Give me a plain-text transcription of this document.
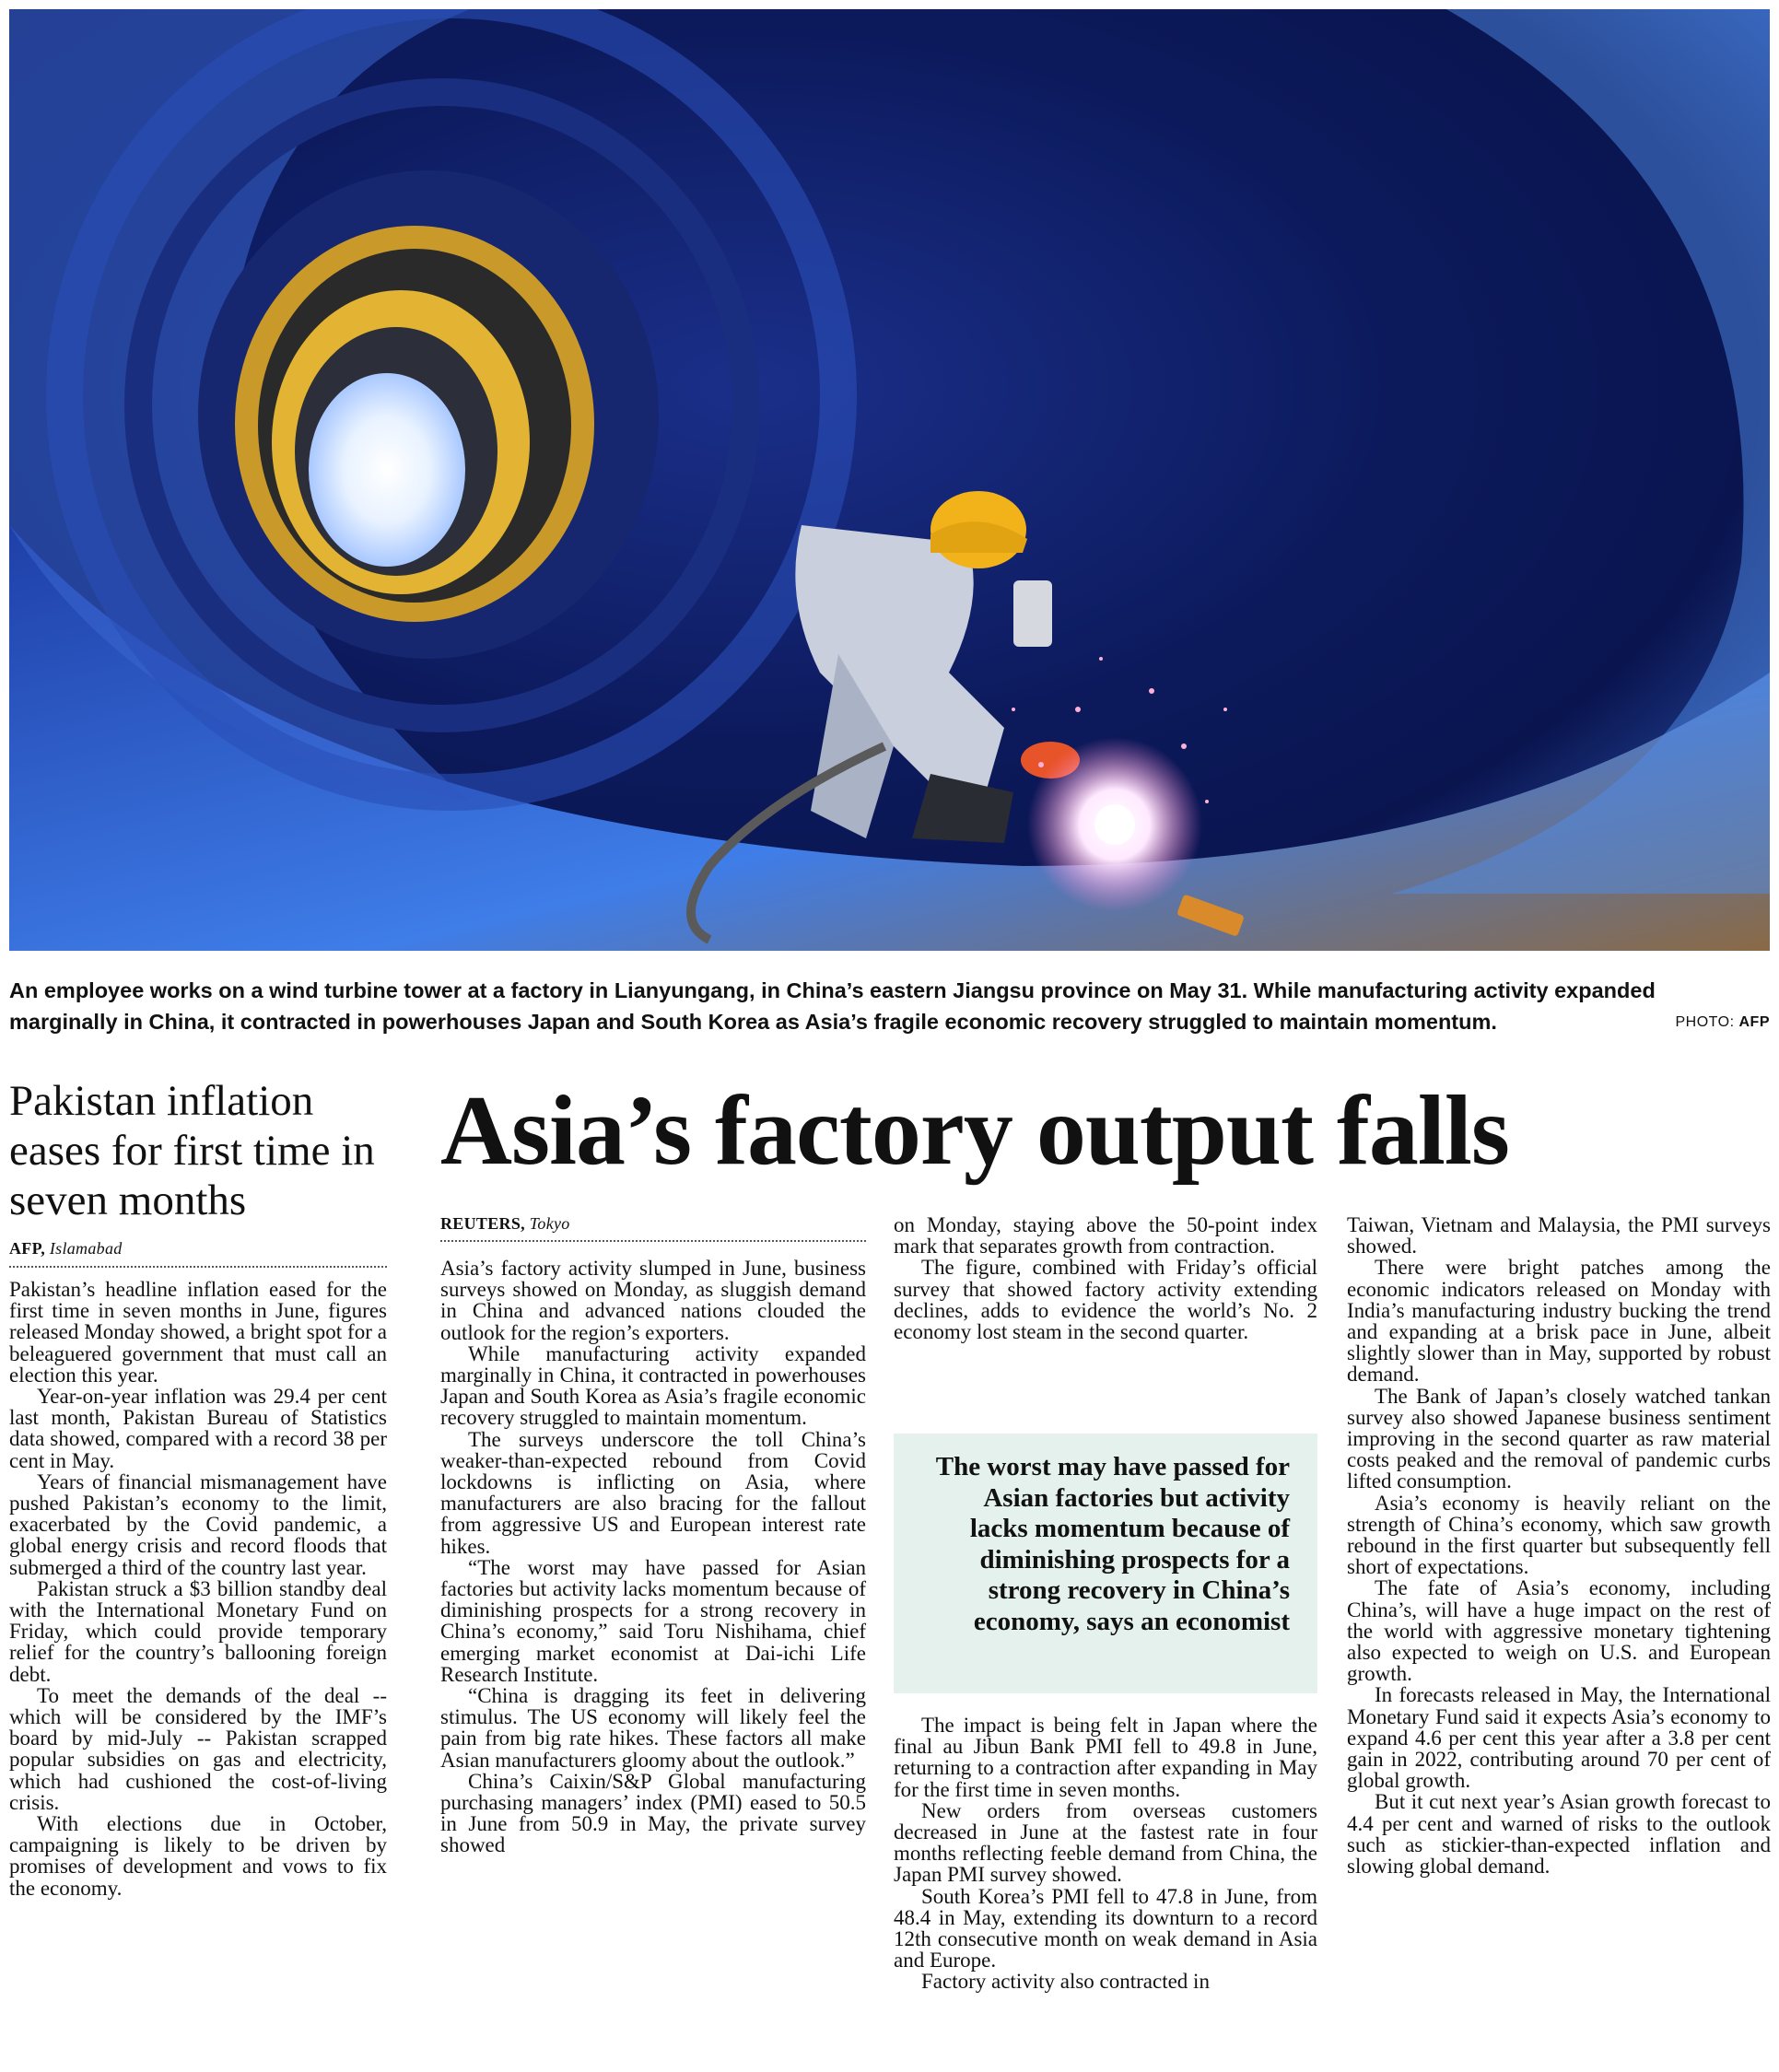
An employee works on a wind turbine tower at a factory in Lianyungang, in China’s eastern Jiangsu province on May 31. While manufacturing activity expanded marginally in China, it contracted in powerhouses Japan and South Korea as Asia’s fragile economic recovery struggled to maintain momentum.	PHOTO: AFP
Pakistan inflation eases for first time in seven months
AFP, Islamabad

Pakistan’s headline inflation eased for the first time in seven months in June, figures released Monday showed, a bright spot for a beleaguered government that must call an election this year.

Year-on-year inflation was 29.4 per cent last month, Pakistan Bureau of Statistics data showed, compared with a record 38 per cent in May.

Years of financial mismanagement have pushed Pakistan’s economy to the limit, exacerbated by the Covid pandemic, a global energy crisis and record floods that submerged a third of the country last year.

Pakistan struck a $3 billion standby deal with the International Monetary Fund on Friday, which could provide temporary relief for the country’s ballooning foreign debt.

To meet the demands of the deal -- which will be considered by the IMF’s board by mid-July -- Pakistan scrapped popular subsidies on gas and electricity, which had cushioned the cost-of-living crisis.

With elections due in October, campaigning is likely to be driven by promises of development and vows to fix the economy.

Asia’s factory output falls
REUTERS, Tokyo

Asia’s factory activity slumped in June, business surveys showed on Monday, as sluggish demand in China and advanced nations clouded the outlook for the region’s exporters.

While manufacturing activity expanded marginally in China, it contracted in powerhouses Japan and South Korea as Asia’s fragile economic recovery struggled to maintain momentum.

The surveys underscore the toll China’s weaker-than-expected rebound from Covid lockdowns is inflicting on Asia, where manufacturers are also bracing for the fallout from aggressive US and European interest rate hikes.

“The worst may have passed for Asian factories but activity lacks momentum because of diminishing prospects for a strong recovery in China’s economy,” said Toru Nishihama, chief emerging market economist at Dai-ichi Life Research Institute.

“China is dragging its feet in delivering stimulus. The US economy will likely feel the pain from big rate hikes. These factors all make Asian manufacturers gloomy about the outlook.”

China’s Caixin/S&P Global manufacturing purchasing managers’ index (PMI) eased to 50.5 in June from 50.9 in May, the private survey showed

on Monday, staying above the 50-point index mark that separates growth from contraction.

The figure, combined with Friday’s official survey that showed factory activity extending declines, adds to evidence the world’s No. 2 economy lost steam in the second quarter.

The worst may have passed for Asian factories but activity lacks momentum because of diminishing prospects for a strong recovery in China’s economy, says an economist

The impact is being felt in Japan where the final au Jibun Bank PMI fell to 49.8 in June, returning to a contraction after expanding in May for the first time in seven months.

New orders from overseas customers decreased in June at the fastest rate in four months reflecting feeble demand from China, the Japan PMI survey showed.

South Korea’s PMI fell to 47.8 in June, from 48.4 in May, extending its downturn to a record 12th consecutive month on weak demand in Asia and Europe.

Factory activity also contracted in

Taiwan, Vietnam and Malaysia, the PMI surveys showed.

There were bright patches among the economic indicators released on Monday with India’s manufacturing industry bucking the trend and expanding at a brisk pace in June, albeit slightly slower than in May, supported by robust demand.

The Bank of Japan’s closely watched tankan survey also showed Japanese business sentiment improving in the second quarter as raw material costs peaked and the removal of pandemic curbs lifted consumption.

Asia’s economy is heavily reliant on the strength of China’s economy, which saw growth rebound in the first quarter but subsequently fell short of expectations.

The fate of Asia’s economy, including China’s, will have a huge impact on the rest of the world with aggressive monetary tightening also expected to weigh on U.S. and European growth.

In forecasts released in May, the International Monetary Fund said it expects Asia’s economy to expand 4.6 per cent this year after a 3.8 per cent gain in 2022, contributing around 70 per cent of global growth.

But it cut next year’s Asian growth forecast to 4.4 per cent and warned of risks to the outlook such as stickier-than-expected inflation and slowing global demand.
